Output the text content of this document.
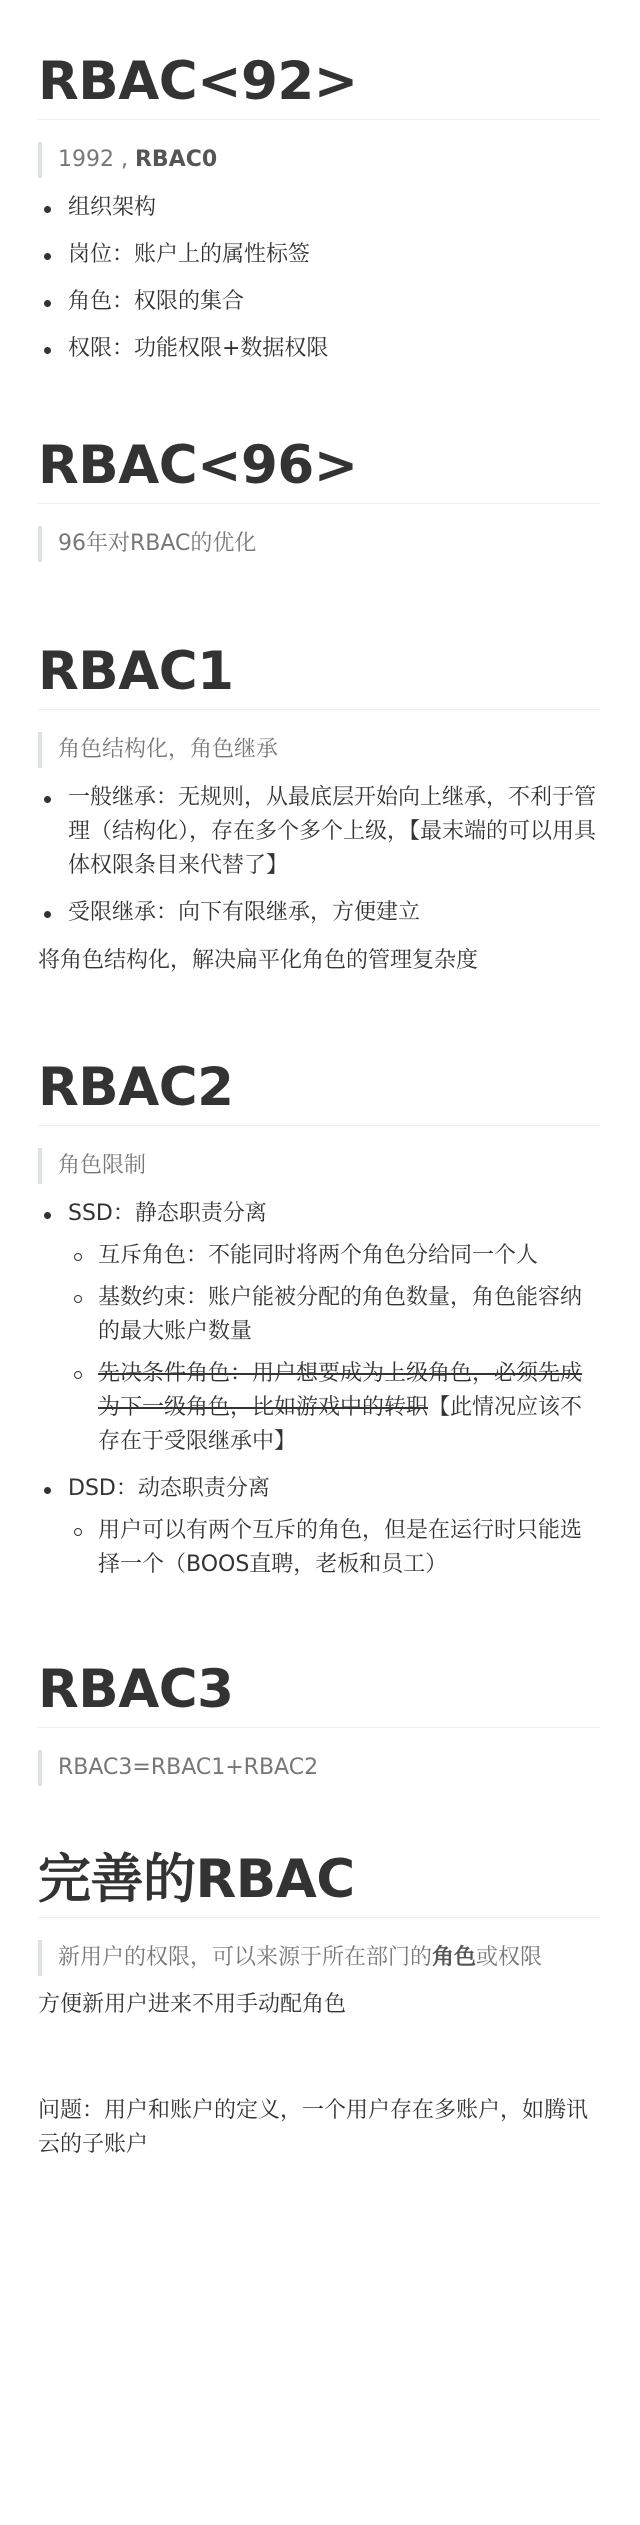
RBAC<92>
1992 , RBAC0
组织架构
岗位：账户上的属性标签
角色：权限的集合
权限：功能权限+数据权限
RBAC<96>
96年对RBAC的优化
RBAC1
角色结构化，角色继承
一般继承：无规则，从最底层开始向上继承，不利于管理（结构化），存在多个多个上级，【最末端的可以用具体权限条目来代替了】
受限继承：向下有限继承，方便建立

将角色结构化，解决扁平化角色的管理复杂度

RBAC2
角色限制
SSD：静态职责分离
互斥角色：不能同时将两个角色分给同一个人
基数约束：账户能被分配的角色数量，角色能容纳的最大账户数量
先决条件角色：用户想要成为上级角色，必须先成为下一级角色，比如游戏中的转职【此情况应该不存在于受限继承中】
DSD：动态职责分离
用户可以有两个互斥的角色，但是在运行时只能选择一个（BOOS直聘，老板和员工）
RBAC3
RBAC3=RBAC1+RBAC2
完善的RBAC
新用户的权限，可以来源于所在部门的角色或权限

方便新用户进来不用手动配角色

问题：用户和账户的定义，一个用户存在多账户，如腾讯云的子账户
